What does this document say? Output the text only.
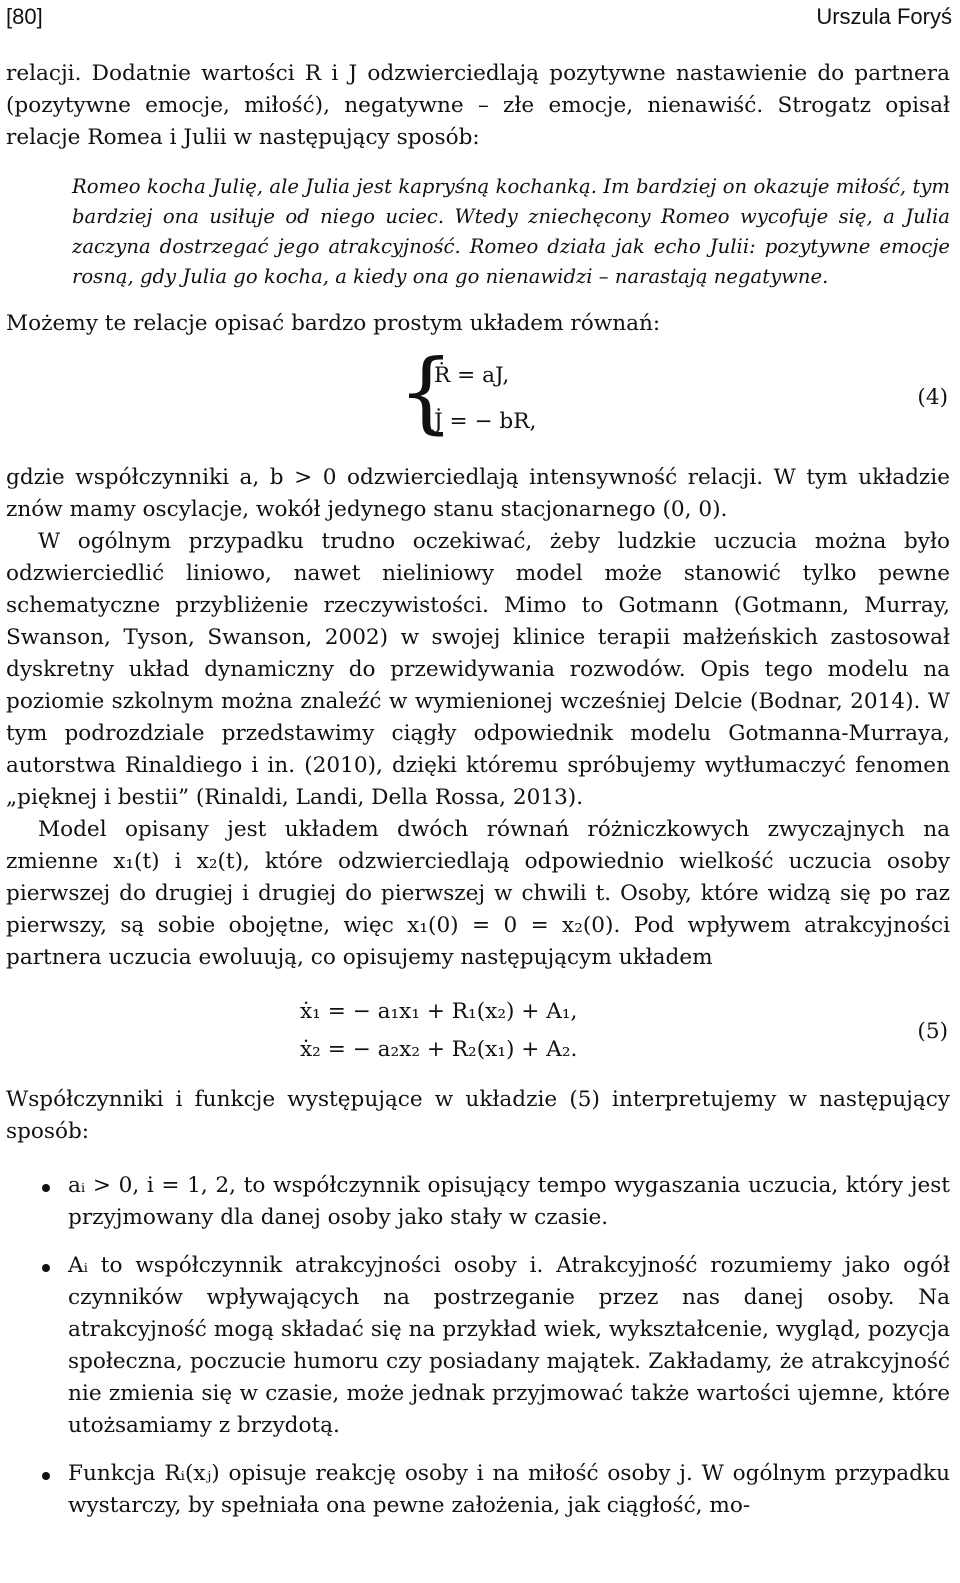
[80]	Urszula Foryś

relacji. Dodatnie wartości R i J odzwierciedlają pozytywne nastawienie do partnera (pozytywne emocje, miłość), negatywne – złe emocje, nienawiść. Strogatz opisał relacje Romea i Julii w następujący sposób:

Romeo kocha Julię, ale Julia jest kapryśną kochanką. Im bardziej on okazuje miłość, tym bardziej ona usiłuje od niego uciec. Wtedy zniechęcony Romeo wycofuje się, a Julia zaczyna dostrzegać jego atrakcyjność. Romeo działa jak echo Julii: pozytywne emocje rosną, gdy Julia go kocha, a kiedy ona go nienawidzi – narastają negatywne.

Możemy te relacje opisać bardzo prostym układem równań:

{
Ṙ = aJ,
J̇ = − bR,
(4)

gdzie współczynniki a, b > 0 odzwierciedlają intensywność relacji. W tym układzie znów mamy oscylacje, wokół jedynego stanu stacjonarnego (0, 0).

W ogólnym przypadku trudno oczekiwać, żeby ludzkie uczucia można było odzwierciedlić liniowo, nawet nieliniowy model może stanowić tylko pewne schematyczne przybliżenie rzeczywistości. Mimo to Gotmann (Gotmann, Murray, Swanson, Tyson, Swanson, 2002) w swojej klinice terapii małżeńskich zastosował dyskretny układ dynamiczny do przewidywania rozwodów. Opis tego modelu na poziomie szkolnym można znaleźć w wymienionej wcześniej Delcie (Bodnar, 2014). W tym podrozdziale przedstawimy ciągły odpowiednik modelu Gotmanna-Murraya, autorstwa Rinaldiego i in. (2010), dzięki któremu spróbujemy wytłumaczyć fenomen „pięknej i bestii” (Rinaldi, Landi, Della Rossa, 2013).

Model opisany jest układem dwóch równań różniczkowych zwyczajnych na zmienne x₁(t) i x₂(t), które odzwierciedlają odpowiednio wielkość uczucia osoby pierwszej do drugiej i drugiej do pierwszej w chwili t. Osoby, które widzą się po raz pierwszy, są sobie obojętne, więc x₁(0) = 0 = x₂(0). Pod wpływem atrakcyjności partnera uczucia ewoluują, co opisujemy następującym układem

ẋ₁ = − a₁x₁ + R₁(x₂) + A₁,
ẋ₂ = − a₂x₂ + R₂(x₁) + A₂.
(5)

Współczynniki i funkcje występujące w układzie (5) interpretujemy w następujący sposób:

aᵢ > 0, i = 1, 2, to współczynnik opisujący tempo wygaszania uczucia, który jest przyjmowany dla danej osoby jako stały w czasie.
Aᵢ to współczynnik atrakcyjności osoby i. Atrakcyjność rozumiemy jako ogół czynników wpływających na postrzeganie przez nas danej osoby. Na atrakcyjność mogą składać się na przykład wiek, wykształcenie, wygląd, pozycja społeczna, poczucie humoru czy posiadany majątek. Zakładamy, że atrakcyjność nie zmienia się w czasie, może jednak przyjmować także wartości ujemne, które utożsamiamy z brzydotą.
Funkcja Rᵢ(xⱼ) opisuje reakcję osoby i na miłość osoby j. W ogólnym przypadku wystarczy, by spełniała ona pewne założenia, jak ciągłość, mo-
